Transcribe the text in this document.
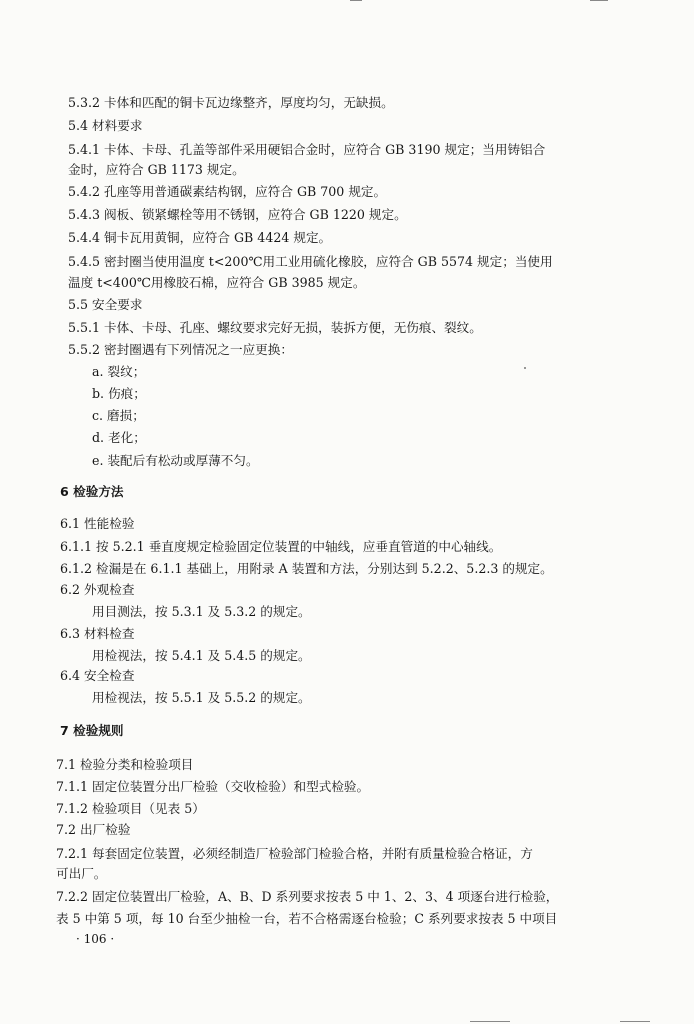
5.3.2 卡体和匹配的铜卡瓦边缘整齐，厚度均匀，无缺损。
5.4 材料要求
5.4.1 卡体、卡母、孔盖等部件采用硬铝合金时，应符合 GB 3190 规定；当用铸铝合
金时，应符合 GB 1173 规定。
5.4.2 孔座等用普通碳素结构钢，应符合 GB 700 规定。
5.4.3 阀板、锁紧螺栓等用不锈钢，应符合 GB 1220 规定。
5.4.4 铜卡瓦用黄铜，应符合 GB 4424 规定。
5.4.5 密封圈当使用温度 t<200℃用工业用硫化橡胶，应符合 GB 5574 规定；当使用
温度 t<400℃用橡胶石棉，应符合 GB 3985 规定。
5.5 安全要求
5.5.1 卡体、卡母、孔座、螺纹要求完好无损，装拆方便，无伤痕、裂纹。
5.5.2 密封圈遇有下列情况之一应更换：
a. 裂纹；
b. 伤痕；
c. 磨损；
d. 老化；
e. 装配后有松动或厚薄不匀。
6 检验方法
6.1 性能检验
6.1.1 按 5.2.1 垂直度规定检验固定位装置的中轴线，应垂直管道的中心轴线。
6.1.2 检漏是在 6.1.1 基础上，用附录 A 装置和方法，分别达到 5.2.2、5.2.3 的规定。
6.2 外观检查
用目测法，按 5.3.1 及 5.3.2 的规定。
6.3 材料检查
用检视法，按 5.4.1 及 5.4.5 的规定。
6.4 安全检查
用检视法，按 5.5.1 及 5.5.2 的规定。
7 检验规则
7.1 检验分类和检验项目
7.1.1 固定位装置分出厂检验（交收检验）和型式检验。
7.1.2 检验项目（见表 5）
7.2 出厂检验
7.2.1 每套固定位装置，必须经制造厂检验部门检验合格，并附有质量检验合格证，方
可出厂。
7.2.2 固定位装置出厂检验，A、B、D 系列要求按表 5 中 1、2、3、4 项逐台进行检验，
表 5 中第 5 项，每 10 台至少抽检一台，若不合格需逐台检验；C 系列要求按表 5 中项目
· 106 ·
